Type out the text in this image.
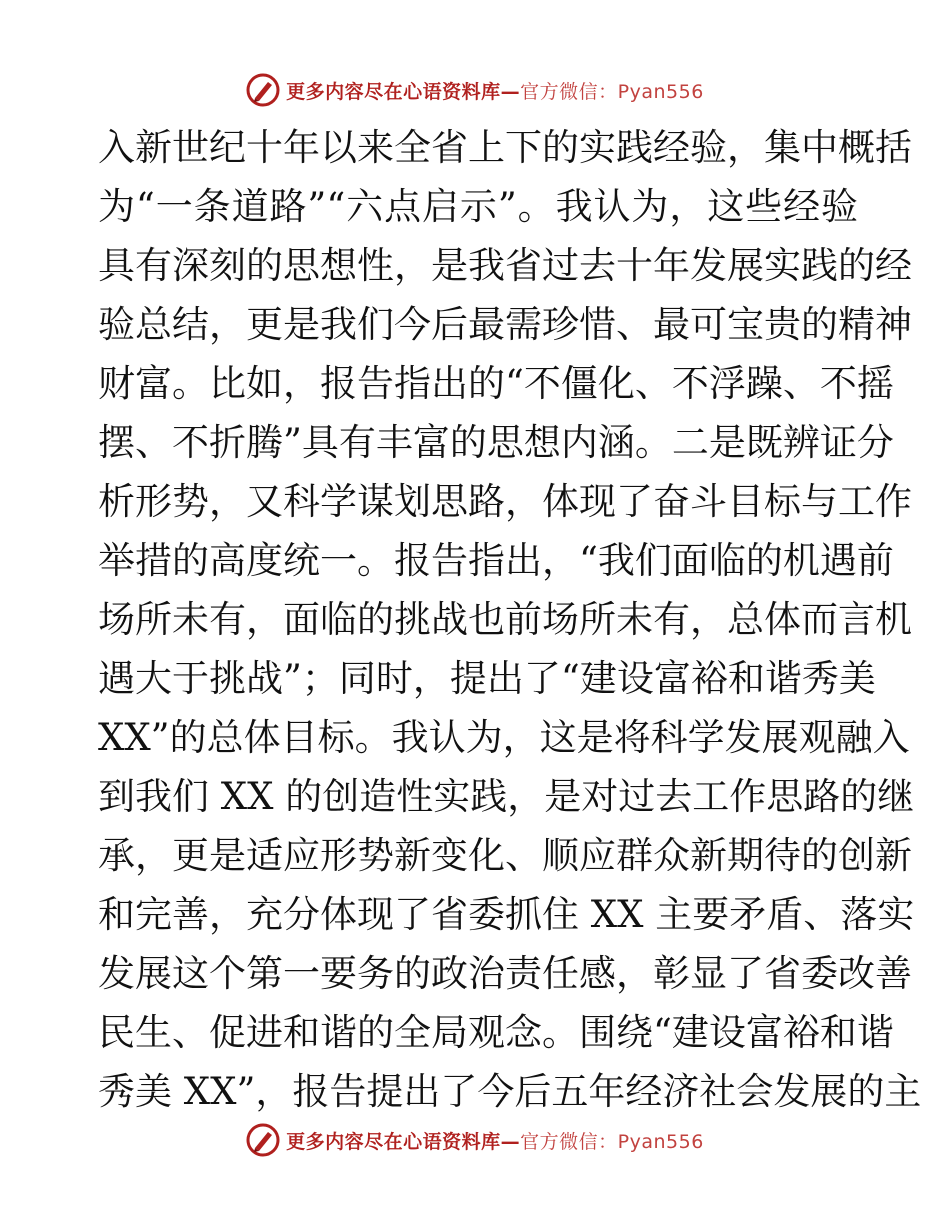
更多内容尽在心语资料库—官方微信：Pyan556
入新世纪十年以来全省上下的实践经验，集中概括
为“一条道路”“六点启示”。我认为，这些经验
具有深刻的思想性，是我省过去十年发展实践的经
验总结，更是我们今后最需珍惜、最可宝贵的精神
财富。比如，报告指出的“不僵化、不浮躁、不摇
摆、不折腾”具有丰富的思想内涵。二是既辨证分
析形势，又科学谋划思路，体现了奋斗目标与工作
举措的高度统一。报告指出，“我们面临的机遇前
场所未有，面临的挑战也前场所未有，总体而言机
遇大于挑战”；同时，提出了“建设富裕和谐秀美
XX”的总体目标。我认为，这是将科学发展观融入
到我们 XX 的创造性实践，是对过去工作思路的继
承，更是适应形势新变化、顺应群众新期待的创新
和完善，充分体现了省委抓住 XX 主要矛盾、落实
发展这个第一要务的政治责任感，彰显了省委改善
民生、促进和谐的全局观念。围绕“建设富裕和谐
秀美 XX”，报告提出了今后五年经济社会发展的主
更多内容尽在心语资料库—官方微信：Pyan556
